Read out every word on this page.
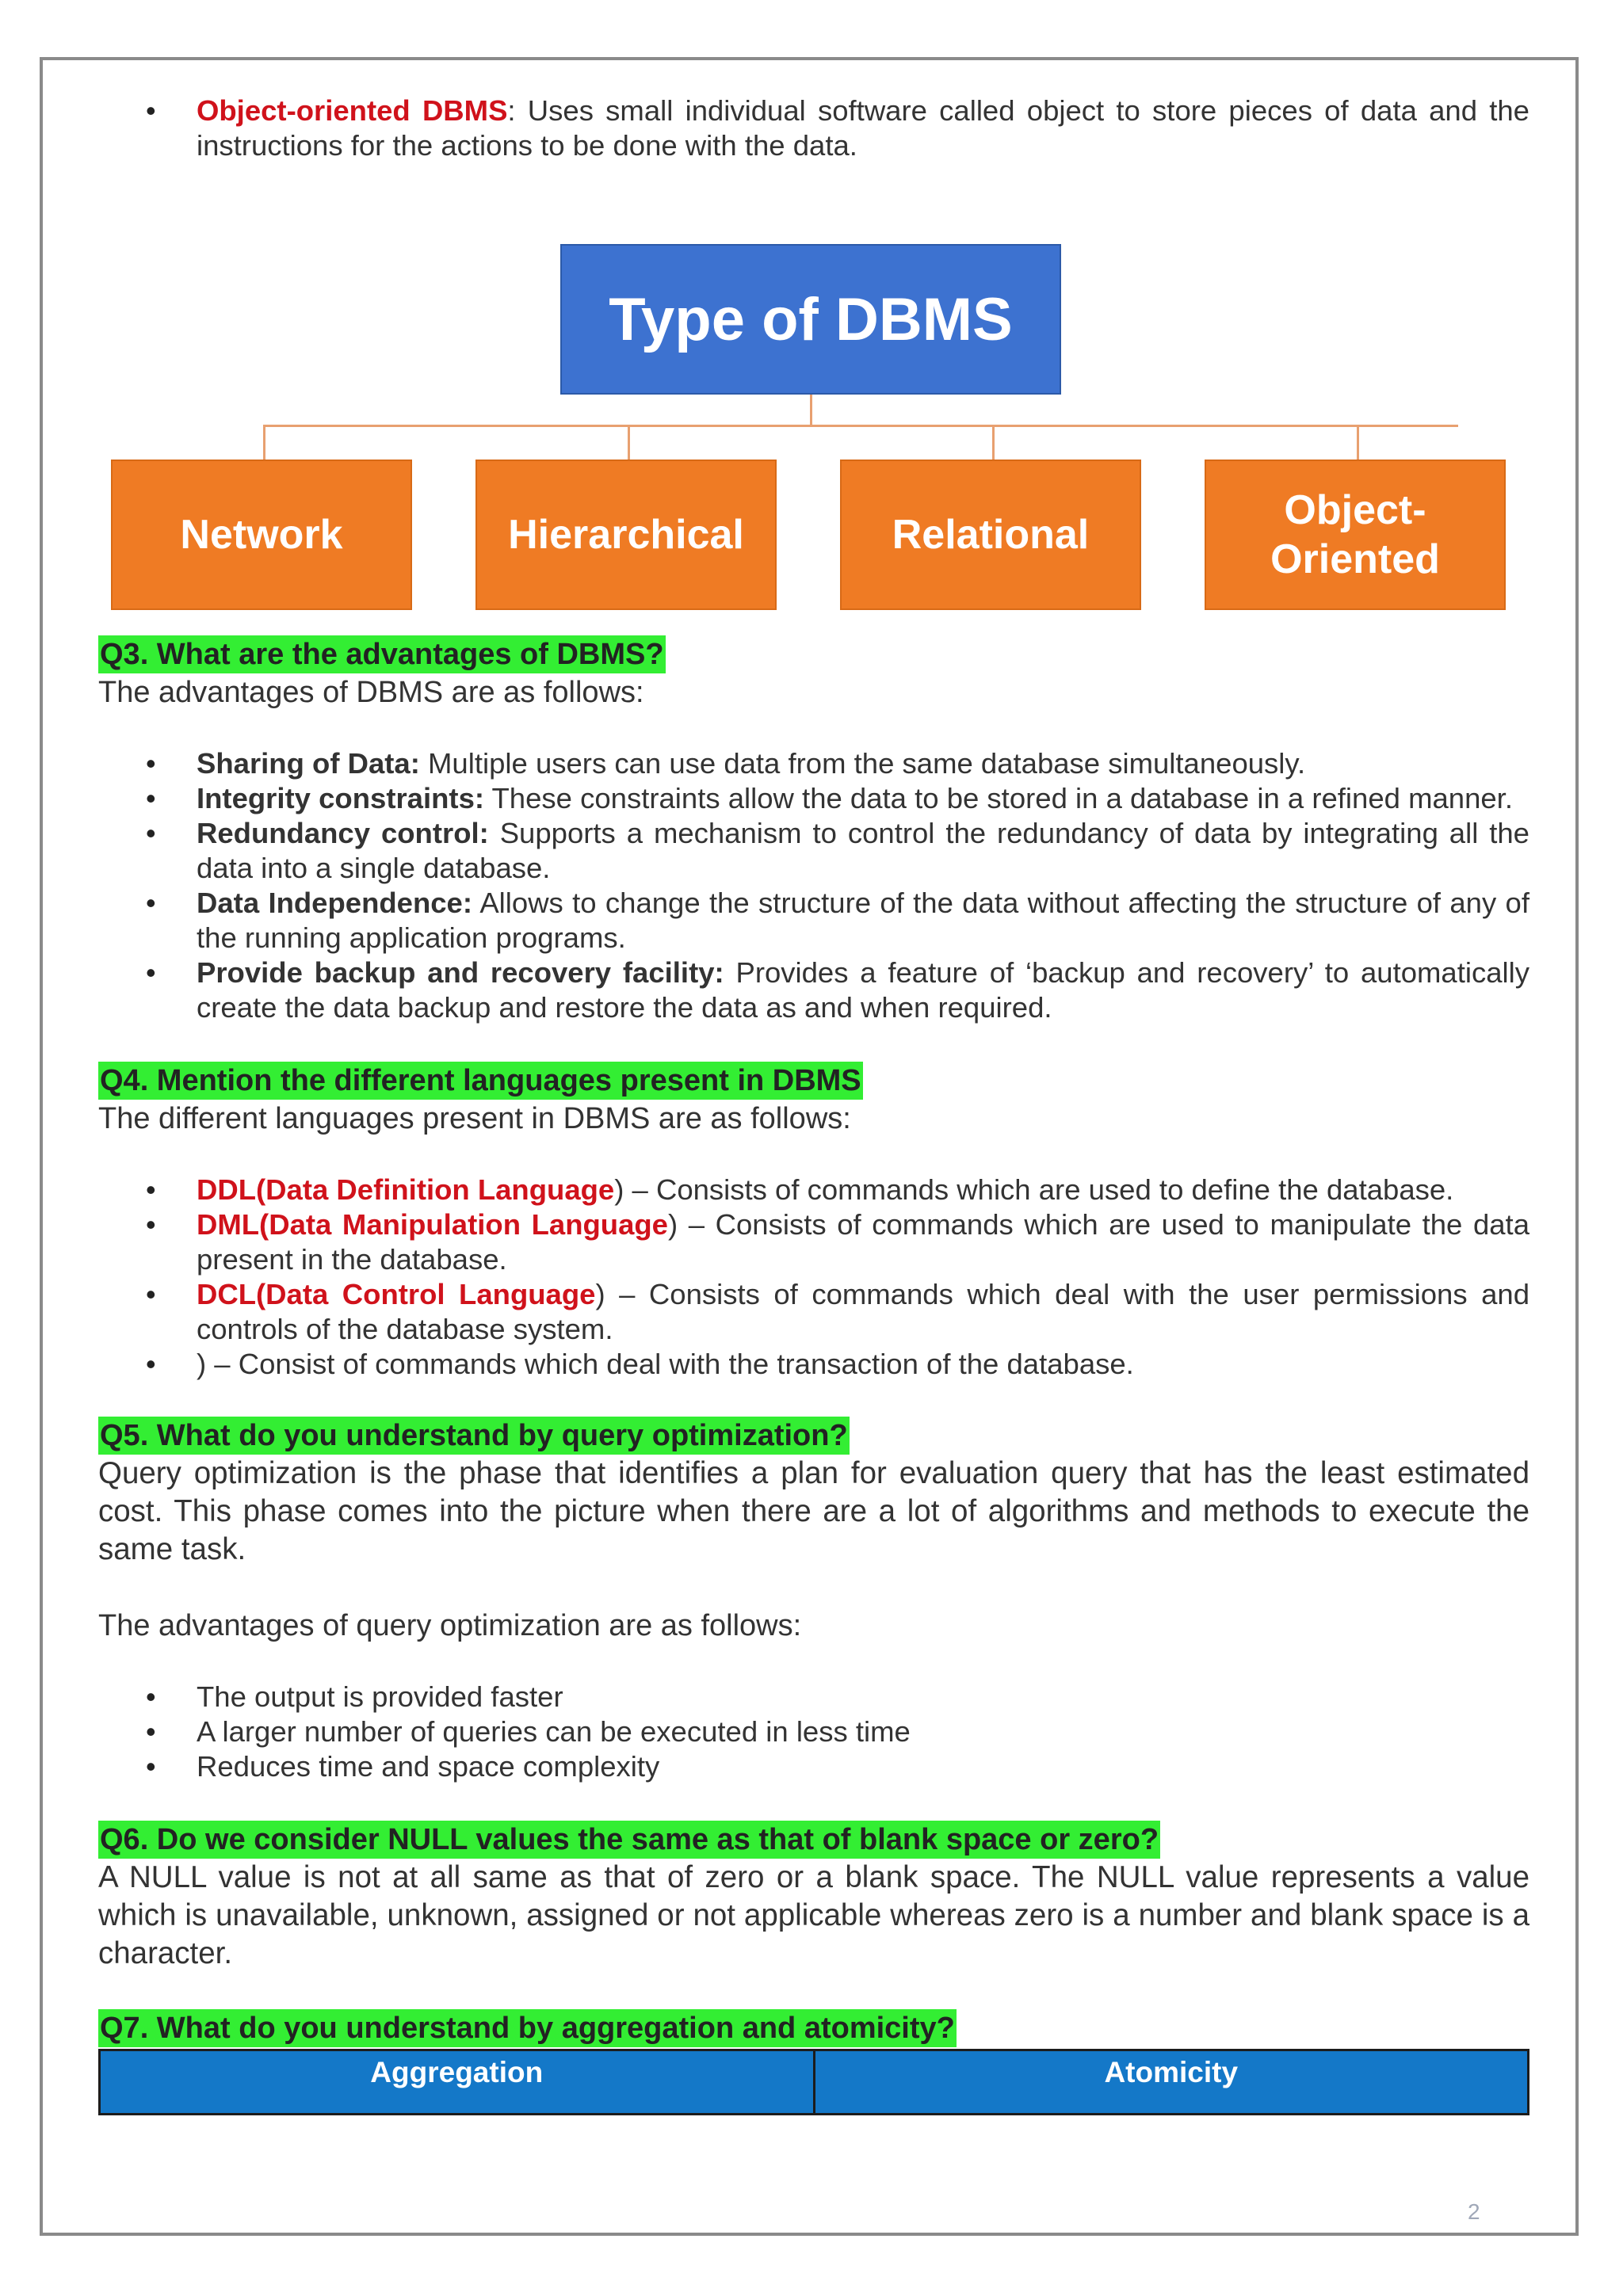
• Object-oriented DBMS: Uses small individual software called object to store pieces of data and the instructions for the actions to be done with the data.
Type of DBMS
Network	Hierarchical	Relational
Object-Oriented
Q3. What are the advantages of DBMS?

The advantages of DBMS are as follows:

• Sharing of Data: Multiple users can use data from the same database simultaneously.
• Integrity constraints: These constraints allow the data to be stored in a database in a refined manner.
• Redundancy control: Supports a mechanism to control the redundancy of data by integrating all the data into a single database.
• Data Independence: Allows to change the structure of the data without affecting the structure of any of the running application programs.
• Provide backup and recovery facility: Provides a feature of ‘backup and recovery’ to automatically create the data backup and restore the data as and when required.
Q4. Mention the different languages present in DBMS

The different languages present in DBMS are as follows:

• DDL(Data Definition Language) – Consists of commands which are used to define the database.
• DML(Data Manipulation Language) – Consists of commands which are used to manipulate the data present in the database.
• DCL(Data Control Language) – Consists of commands which deal with the user permissions and controls of the database system.
• ) – Consist of commands which deal with the transaction of the database.
Q5. What do you understand by query optimization?

Query optimization is the phase that identifies a plan for evaluation query that has the least estimated cost. This phase comes into the picture when there are a lot of algorithms and methods to execute the same task.

The advantages of query optimization are as follows:

• The output is provided faster
• A larger number of queries can be executed in less time
• Reduces time and space complexity
Q6. Do we consider NULL values the same as that of blank space or zero?

A NULL value is not at all same as that of zero or a blank space. The NULL value represents a value which is unavailable, unknown, assigned or not applicable whereas zero is a number and blank space is a character.

Q7. What do you understand by aggregation and atomicity?
Aggregation	Atomicity
2
